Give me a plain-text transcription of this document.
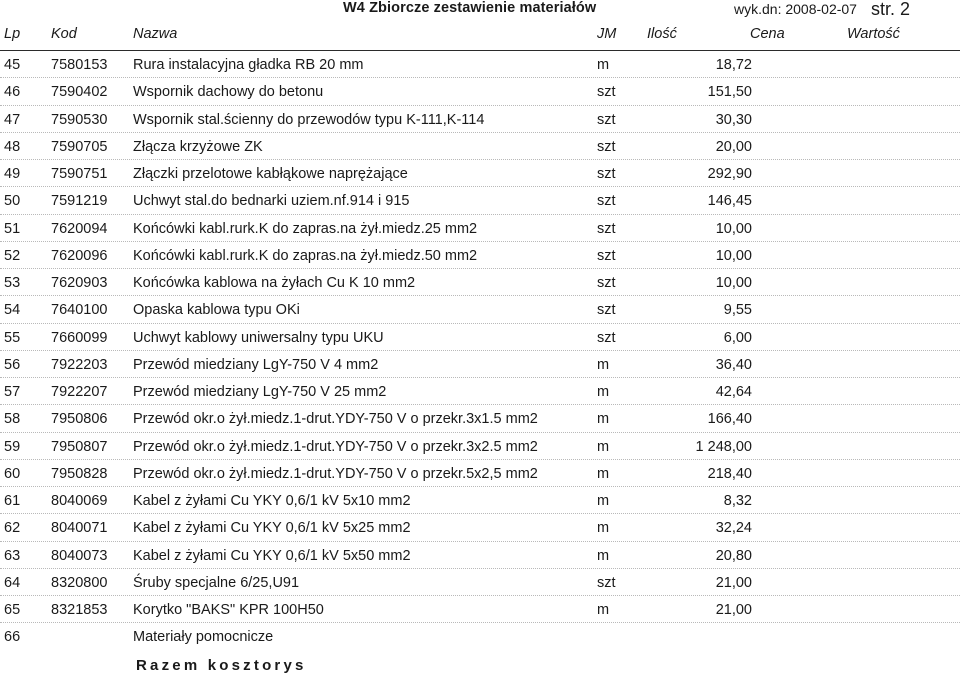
W4 Zbiorcze zestawienie materiałów	wyk.dn: 2008-02-07 str. 2
Lp Kod	Nazwa	JM Ilość	Cena	Wartość
45 7580153 Rura instalacyjna gładka RB 20 mm	m	18,72
46 7590402 Wspornik dachowy do betonu	szt	151,50
47 7590530 Wspornik stal.ścienny do przewodów typu K-111,K-114	szt	30,30
48 7590705 Złącza krzyżowe ZK	szt	20,00
49 7590751 Złączki przelotowe kabłąkowe naprężające	szt	292,90
50 7591219 Uchwyt stal.do bednarki uziem.nf.914 i 915	szt	146,45
51 7620094 Końcówki kabl.rurk.K do zapras.na żył.miedz.25 mm2	szt	10,00
52 7620096 Końcówki kabl.rurk.K do zapras.na żył.miedz.50 mm2	szt	10,00
53 7620903 Końcówka kablowa na żyłach Cu K 10 mm2	szt	10,00
54 7640100 Opaska kablowa typu OKi	szt	9,55
55 7660099 Uchwyt kablowy uniwersalny typu UKU	szt	6,00
56 7922203 Przewód miedziany LgY-750 V 4 mm2	m	36,40
57 7922207 Przewód miedziany LgY-750 V 25 mm2	m	42,64
58 7950806 Przewód okr.o żył.miedz.1-drut.YDY-750 V o przekr.3x1.5 mm2	m	166,40
59 7950807 Przewód okr.o żył.miedz.1-drut.YDY-750 V o przekr.3x2.5 mm2	m	1 248,00
60 7950828 Przewód okr.o żył.miedz.1-drut.YDY-750 V o przekr.5x2,5 mm2	m	218,40
61 8040069 Kabel z żyłami Cu YKY 0,6/1 kV 5x10 mm2	m	8,32
62 8040071 Kabel z żyłami Cu YKY 0,6/1 kV 5x25 mm2	m	32,24
63 8040073 Kabel z żyłami Cu YKY 0,6/1 kV 5x50 mm2	m	20,80
64 8320800 Śruby specjalne 6/25,U91	szt	21,00
65 8321853 Korytko "BAKS" KPR 100H50	m	21,00
66	Materiały pomocnicze
Razem kosztorys
